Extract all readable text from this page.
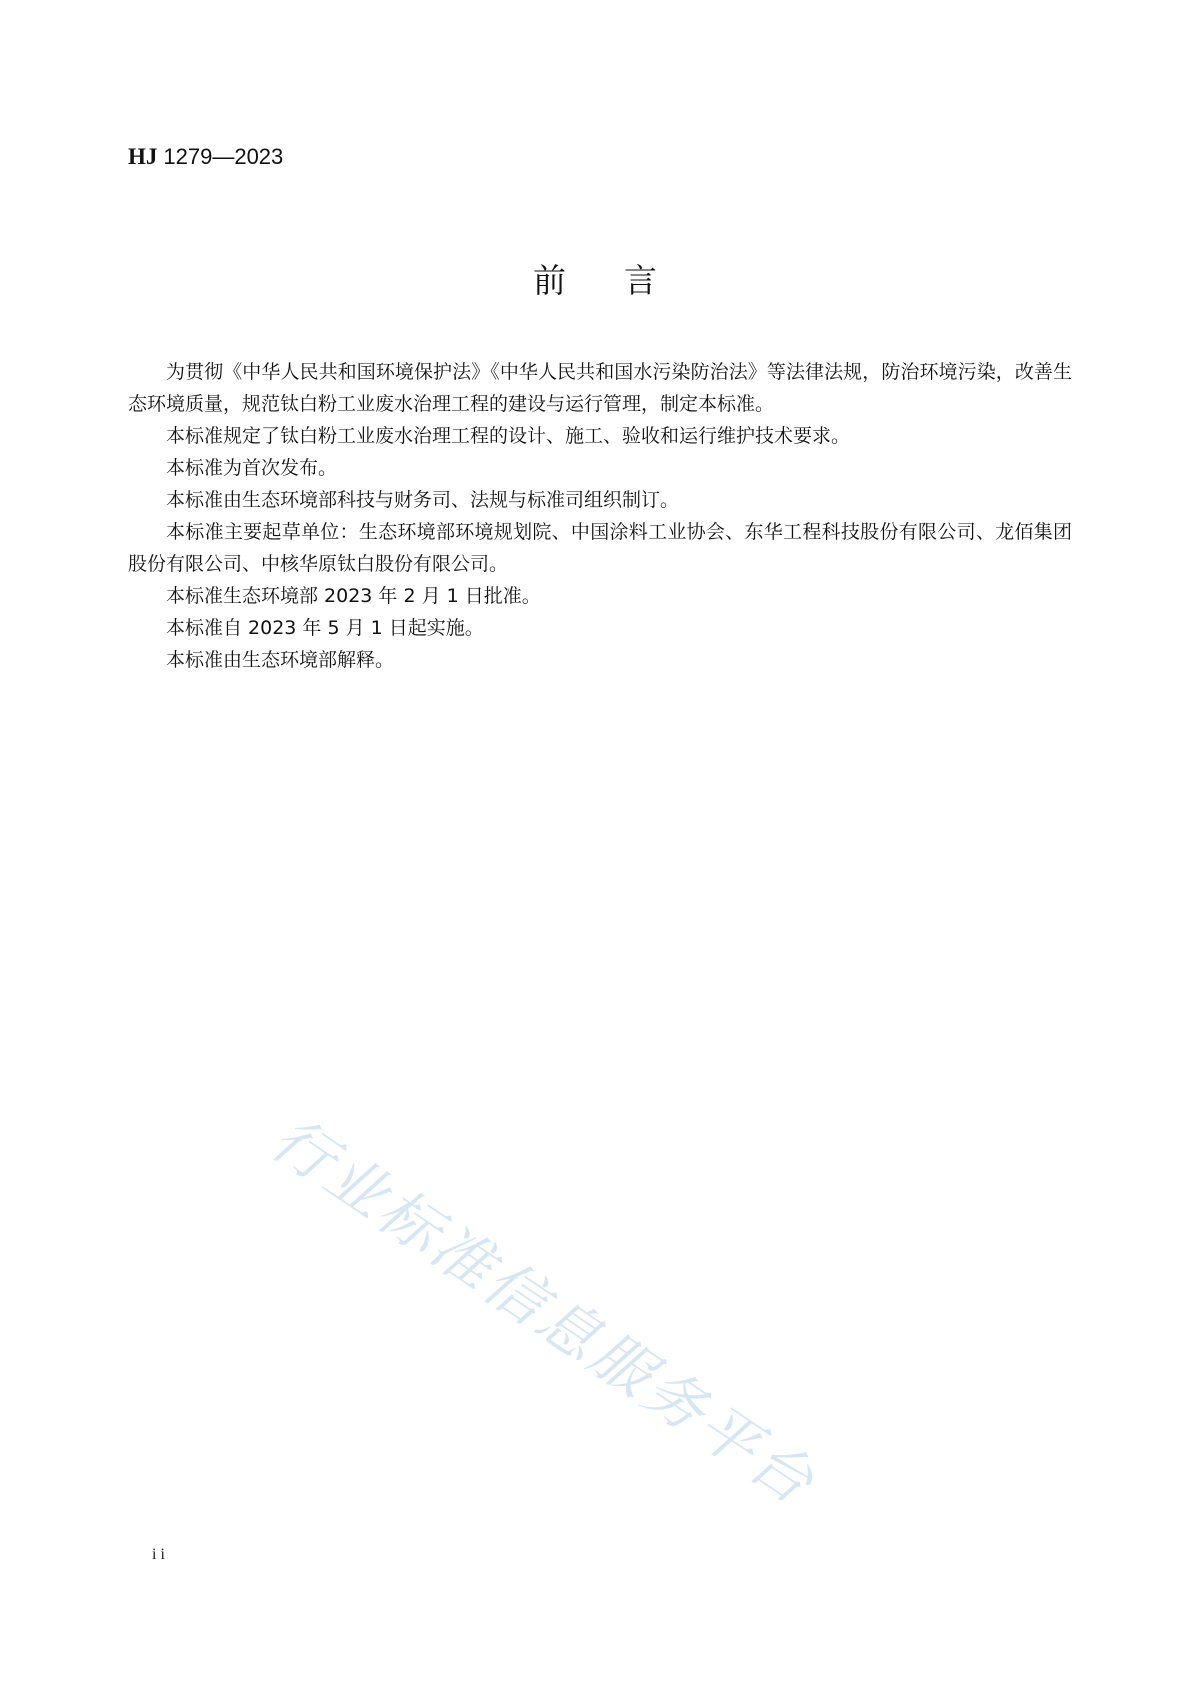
HJ 1279—2023
前言

为贯彻《中华人民共和国环境保护法》《中华人民共和国水污染防治法》等法律法规，防治环境污染，改善生态环境质量，规范钛白粉工业废水治理工程的建设与运行管理，制定本标准。

本标准规定了钛白粉工业废水治理工程的设计、施工、验收和运行维护技术要求。

本标准为首次发布。

本标准由生态环境部科技与财务司、法规与标准司组织制订。

本标准主要起草单位：生态环境部环境规划院、中国涂料工业协会、东华工程科技股份有限公司、龙佰集团股份有限公司、中核华原钛白股份有限公司。

本标准生态环境部 2023 年 2 月 1 日批准。

本标准自 2023 年 5 月 1 日起实施。

本标准由生态环境部解释。

行业标准信息服务平台
ii
